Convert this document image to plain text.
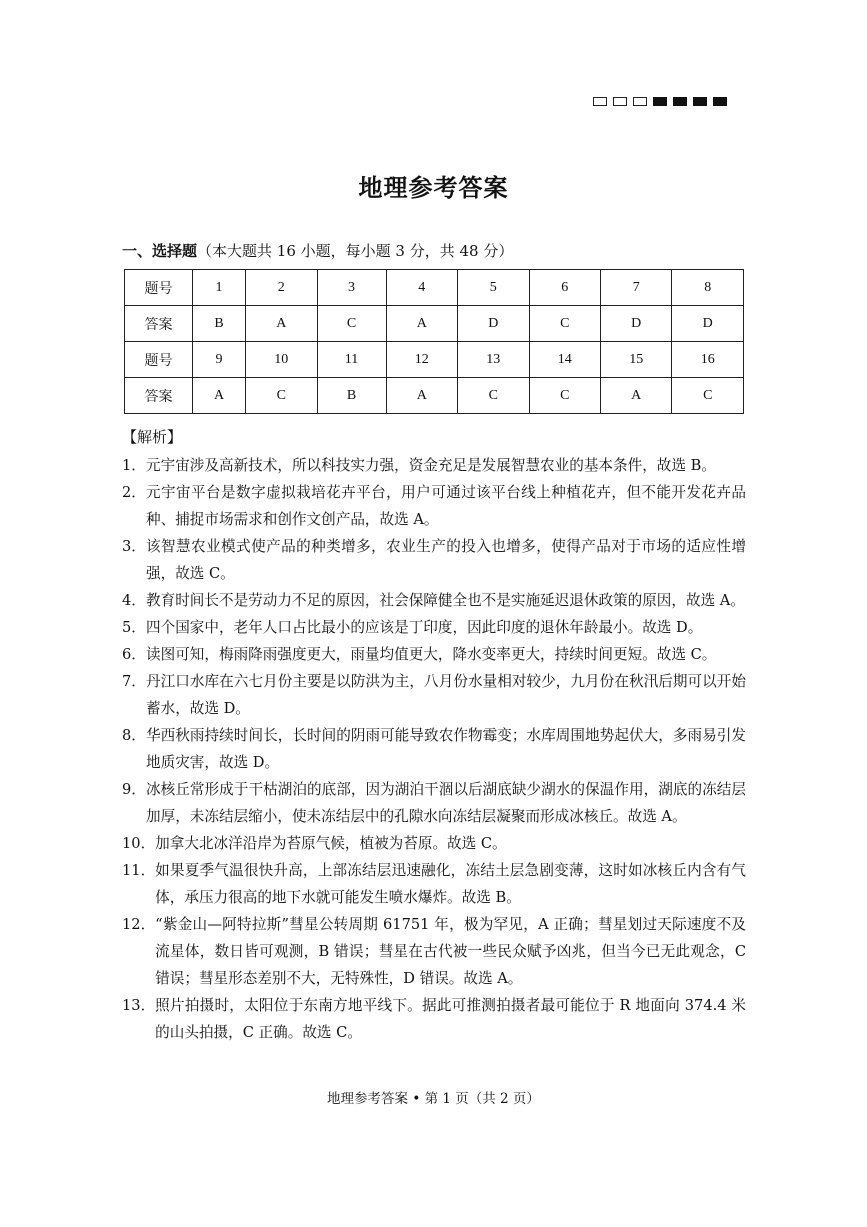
地理参考答案
一、选择题（本大题共 16 小题，每小题 3 分，共 48 分）
题号	1	2	3	4	5	6	7	8
答案	B	A	C	A	D	C	D	D
题号	9	10	11	12	13	14	15	16
答案	A	C	B	A	C	C	A	C
【解析】
1． 元宇宙涉及高新技术，所以科技实力强，资金充足是发展智慧农业的基本条件，故选 B。
2． 元宇宙平台是数字虚拟栽培花卉平台，用户可通过该平台线上种植花卉，但不能开发花卉品种、捕捉市场需求和创作文创产品，故选 A。
3． 该智慧农业模式使产品的种类增多，农业生产的投入也增多，使得产品对于市场的适应性增强，故选 C。
4． 教育时间长不是劳动力不足的原因，社会保障健全也不是实施延迟退休政策的原因，故选 A。
5． 四个国家中，老年人口占比最小的应该是丁印度，因此印度的退休年龄最小。故选 D。
6． 读图可知，梅雨降雨强度更大，雨量均值更大，降水变率更大，持续时间更短。故选 C。
7． 丹江口水库在六七月份主要是以防洪为主，八月份水量相对较少，九月份在秋汛后期可以开始蓄水，故选 D。
8． 华西秋雨持续时间长，长时间的阴雨可能导致农作物霉变；水库周围地势起伏大，多雨易引发地质灾害，故选 D。
9． 冰核丘常形成于干枯湖泊的底部，因为湖泊干涸以后湖底缺少湖水的保温作用，湖底的冻结层加厚，未冻结层缩小，使未冻结层中的孔隙水向冻结层凝聚而形成冰核丘。故选 A。
10． 加拿大北冰洋沿岸为苔原气候，植被为苔原。故选 C。
11． 如果夏季气温很快升高，上部冻结层迅速融化，冻结土层急剧变薄，这时如冰核丘内含有气体，承压力很高的地下水就可能发生喷水爆炸。故选 B。
12． “紫金山—阿特拉斯”彗星公转周期 61751 年，极为罕见，A 正确；彗星划过天际速度不及流星体，数日皆可观测，B 错误；彗星在古代被一些民众赋予凶兆，但当今已无此观念，C 错误；彗星形态差别不大，无特殊性，D 错误。故选 A。
13． 照片拍摄时，太阳位于东南方地平线下。据此可推测拍摄者最可能位于 R 地面向 374.4 米的山头拍摄，C 正确。故选 C。
地理参考答案 • 第 1 页（共 2 页）
